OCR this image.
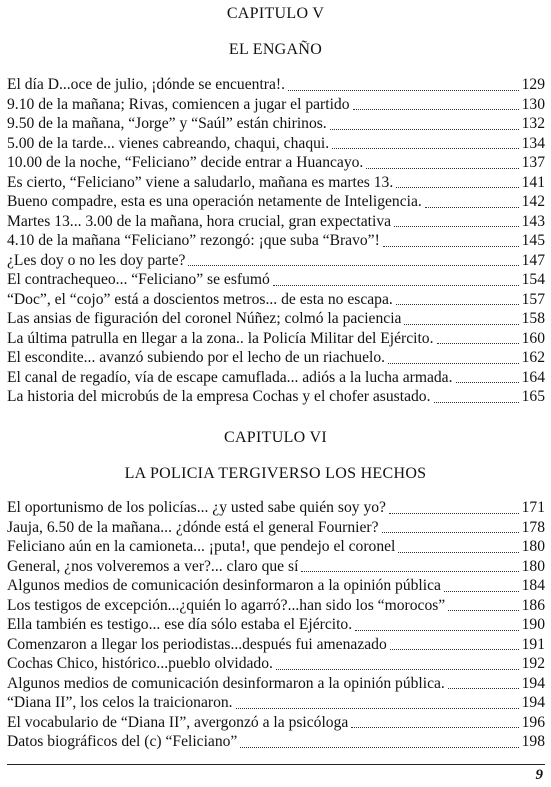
CAPITULO V
EL ENGAÑO
El día D...oce de julio, ¡dónde se encuentra!.	129
9.10 de la mañana; Rivas, comiencen a jugar el partido	130
9.50 de la mañana, “Jorge” y “Saúl” están chirinos.	132
5.00 de la tarde... vienes cabreando, chaqui, chaqui.	134
10.00 de la noche, “Feliciano” decide entrar a Huancayo.	137
Es cierto, “Feliciano” viene a saludarlo, mañana es martes 13.	141
Bueno compadre, esta es una operación netamente de Inteligencia.	142
Martes 13... 3.00 de la mañana, hora crucial, gran expectativa	143
4.10 de la mañana “Feliciano” rezongó: ¡que suba “Bravo”!	145
¿Les doy o no les doy parte?	147
El contrachequeo... “Feliciano” se esfumó	154
“Doc”, el “cojo” está a doscientos metros... de esta no escapa.	157
Las ansias de figuración del coronel Núñez; colmó la paciencia	158
La última patrulla en llegar a la zona.. la Policía Militar del Ejército.	160
El escondite... avanzó subiendo por el lecho de un riachuelo.	162
El canal de regadío, vía de escape camuflada... adiós a la lucha armada.	164
La historia del microbús de la empresa Cochas y el chofer asustado.	165
CAPITULO VI
LA POLICIA TERGIVERSO LOS HECHOS
El oportunismo de los policías... ¿y usted sabe quién soy yo?	171
Jauja, 6.50 de la mañana... ¿dónde está el general Fournier?	178
Feliciano aún en la camioneta... ¡puta!, que pendejo el coronel	180
General, ¿nos volveremos a ver?... claro que sí	180
Algunos medios de comunicación desinformaron a la opinión pública	184
Los testigos de excepción...¿quién lo agarró?...han sido los “morocos”	186
Ella también es testigo... ese día sólo estaba el Ejército.	190
Comenzaron a llegar los periodistas...después fui amenazado	191
Cochas Chico, histórico...pueblo olvidado.	192
Algunos medios de comunicación desinformaron a la opinión pública.	194
“Diana II”, los celos la traicionaron.	194
El vocabulario de “Diana II”, avergonzó a la psicóloga	196
Datos biográficos del (c) “Feliciano”	198
9
